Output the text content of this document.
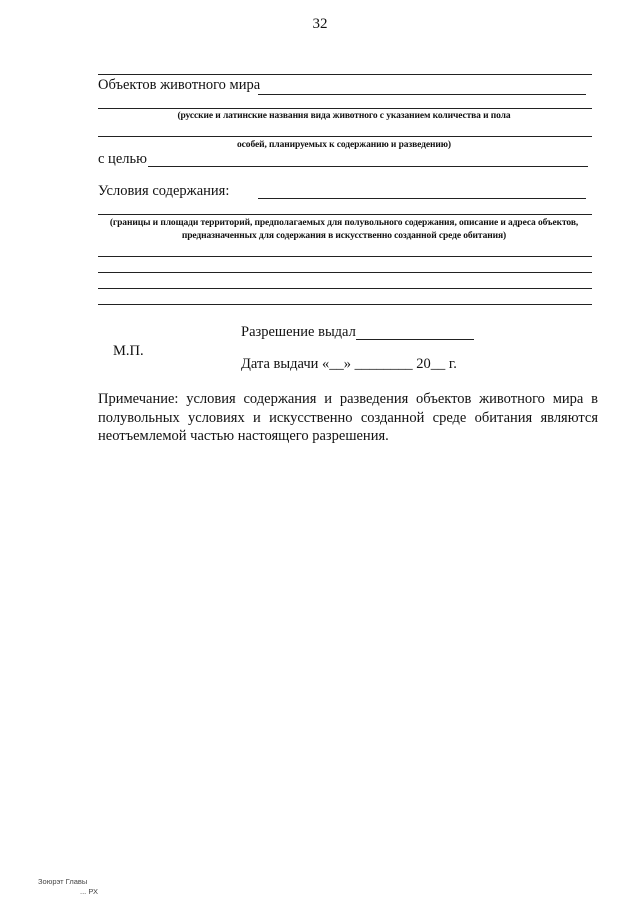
32
Объектов животного мира
(русские и латинские названия вида животного с указанием количества и пола
особей, планируемых к содержанию и разведению)
с целью
Условия содержания:
(границы и площади территорий, предполагаемых для полувольного содержания, описание и адреса объектов, предназначенных для содержания в искусственно созданной среде обитания)
Разрешение выдал
М.П.
Дата выдачи «__» ________ 20__ г.
Примечание: условия содержания и разведения объектов животного мира в полувольных условиях и искусственно созданной среде обитания являются неотъемлемой частью настоящего разрешения.
Зоюрэт Главы
... РХ
